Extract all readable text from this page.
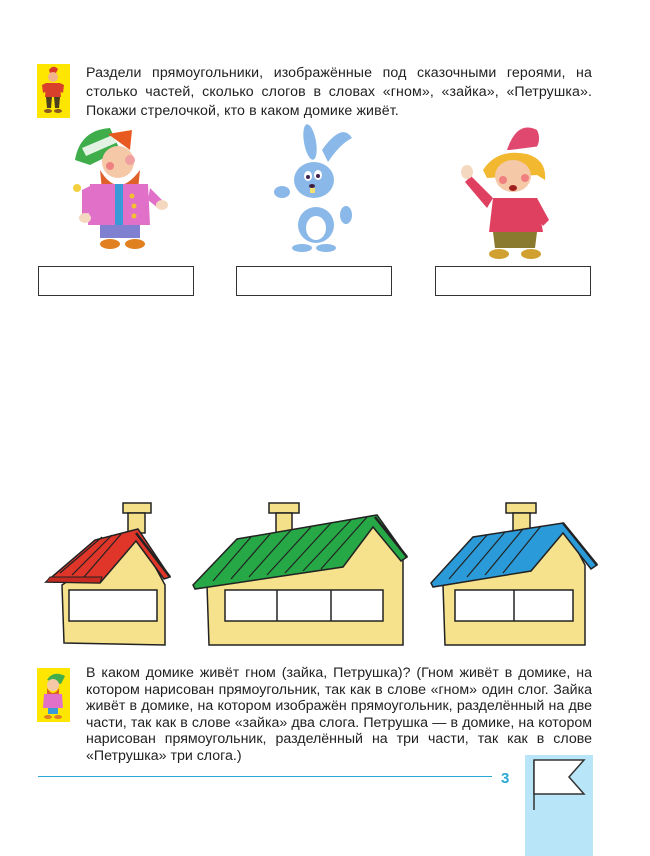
Раздели прямоугольники, изображённые под сказочными героями, на столько частей, сколько слогов в словах «гном», «зайка», «Петрушка». Покажи стрелочкой, кто в каком домике живёт.
В каком домике живёт гном (зайка, Петрушка)? (Гном живёт в домике, на котором нарисован прямоугольник, так как в слове «гном» один слог. Зайка живёт в домике, на котором изображён прямоугольник, разделённый на две части, так как в слове «зайка» два слога. Петрушка — в домике, на котором нарисован прямоугольник, разделённый на три части, так как в слове «Петрушка» три слога.)
3
